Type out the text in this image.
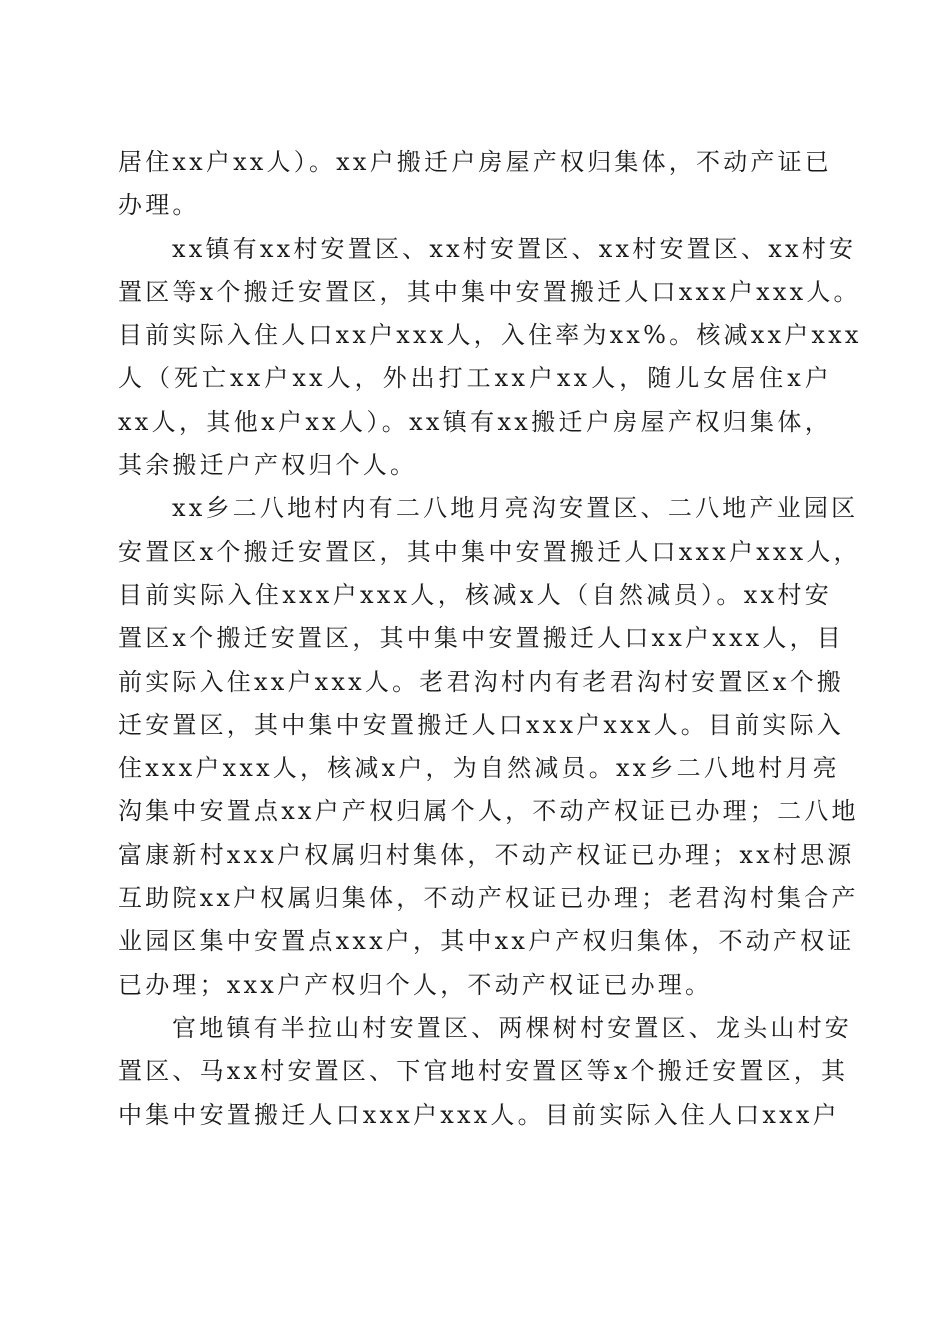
居住xx户xx人）。xx户搬迁户房屋产权归集体，不动产证已
办理。
xx镇有xx村安置区、xx村安置区、xx村安置区、xx村安
置区等x个搬迁安置区，其中集中安置搬迁人口xxx户xxx人。
目前实际入住人口xx户xxx人，入住率为xx%。核减xx户xxx
人（死亡xx户xx人，外出打工xx户xx人，随儿女居住x户
xx人，其他x户xx人）。xx镇有xx搬迁户房屋产权归集体，
其余搬迁户产权归个人。
xx乡二八地村内有二八地月亮沟安置区、二八地产业园区
安置区x个搬迁安置区，其中集中安置搬迁人口xxx户xxx人，
目前实际入住xxx户xxx人，核减x人（自然减员）。xx村安
置区x个搬迁安置区，其中集中安置搬迁人口xx户xxx人，目
前实际入住xx户xxx人。老君沟村内有老君沟村安置区x个搬
迁安置区，其中集中安置搬迁人口xxx户xxx人。目前实际入
住xxx户xxx人，核减x户，为自然减员。xx乡二八地村月亮
沟集中安置点xx户产权归属个人，不动产权证已办理；二八地
富康新村xxx户权属归村集体，不动产权证已办理；xx村思源
互助院xx户权属归集体，不动产权证已办理；老君沟村集合产
业园区集中安置点xxx户，其中xx户产权归集体，不动产权证
已办理；xxx户产权归个人，不动产权证已办理。
官地镇有半拉山村安置区、两棵树村安置区、龙头山村安
置区、马xx村安置区、下官地村安置区等x个搬迁安置区，其
中集中安置搬迁人口xxx户xxx人。目前实际入住人口xxx户
